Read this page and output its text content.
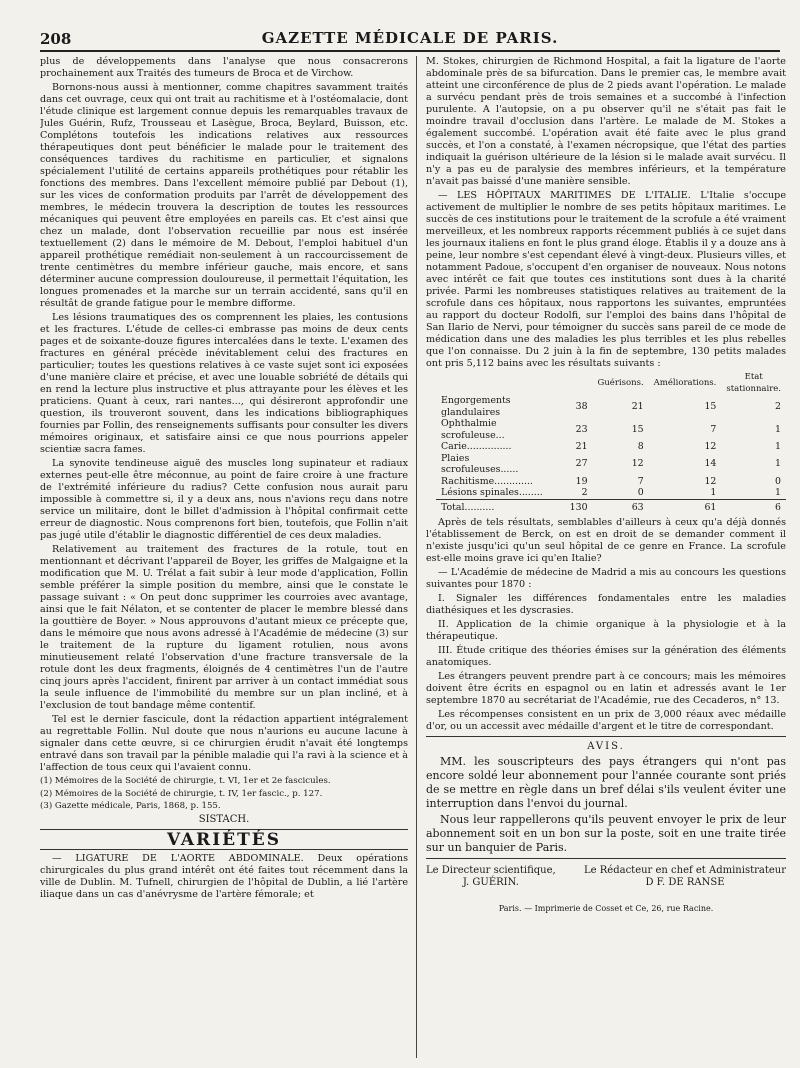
208	GAZETTE MÉDICALE DE PARIS.

plus de développements dans l'analyse que nous consacrerons prochainement aux Traités des tumeurs de Broca et de Virchow.

Bornons-nous aussi à mentionner, comme chapitres savamment traités dans cet ouvrage, ceux qui ont trait au rachitisme et à l'ostéomalacie, dont l'étude clinique est largement connue depuis les remarquables travaux de Jules Guérin, Rufz, Trousseau et Lasègue, Broca, Beylard, Buisson, etc. Complétons toutefois les indications relatives aux ressources thérapeutiques dont peut bénéficier le malade pour le traitement des conséquences tardives du rachitisme en particulier, et signalons spécialement l'utilité de certains appareils prothétiques pour rétablir les fonctions des membres. Dans l'excellent mémoire publié par Debout (1), sur les vices de conformation produits par l'arrêt de développement des membres, le médecin trouvera la description de toutes les ressources mécaniques qui peuvent être employées en pareils cas. Et c'est ainsi que chez un malade, dont l'observation recueillie par nous est insérée textuellement (2) dans le mémoire de M. Debout, l'emploi habituel d'un appareil prothétique remédiait non-seulement à un raccourcissement de trente centimètres du membre inférieur gauche, mais encore, et sans déterminer aucune compression douloureuse, il permettait l'équitation, les longues promenades et la marche sur un terrain accidenté, sans qu'il en résultât de grande fatigue pour le membre difforme.

Les lésions traumatiques des os comprennent les plaies, les contusions et les fractures. L'étude de celles-ci embrasse pas moins de deux cents pages et de soixante-douze figures intercalées dans le texte. L'examen des fractures en général précède inévitablement celui des fractures en particulier; toutes les questions relatives à ce vaste sujet sont ici exposées d'une manière claire et précise, et avec une louable sobriété de détails qui en rend la lecture plus instructive et plus attrayante pour les élèves et les praticiens. Quant à ceux, rari nantes..., qui désireront approfondir une question, ils trouveront souvent, dans les indications bibliographiques fournies par Follin, des renseignements suffisants pour consulter les divers mémoires originaux, et satisfaire ainsi ce que nous pourrions appeler scientiæ sacra fames.

La synovite tendineuse aiguë des muscles long supinateur et radiaux externes peut-elle être méconnue, au point de faire croire à une fracture de l'extrémité inférieure du radius? Cette confusion nous aurait paru impossible à commettre si, il y a deux ans, nous n'avions reçu dans notre service un militaire, dont le billet d'admission à l'hôpital confirmait cette erreur de diagnostic. Nous comprenons fort bien, toutefois, que Follin n'ait pas jugé utile d'établir le diagnostic différentiel de ces deux maladies.

Relativement au traitement des fractures de la rotule, tout en mentionnant et décrivant l'appareil de Boyer, les griffes de Malgaigne et la modification que M. U. Trélat a fait subir à leur mode d'application, Follin semble préférer la simple position du membre, ainsi que le constate le passage suivant : « On peut donc supprimer les courroies avec avantage, ainsi que le fait Nélaton, et se contenter de placer le membre blessé dans la gouttière de Boyer. » Nous approuvons d'autant mieux ce précepte que, dans le mémoire que nous avons adressé à l'Académie de médecine (3) sur le traitement de la rupture du ligament rotulien, nous avons minutieusement relaté l'observation d'une fracture transversale de la rotule dont les deux fragments, éloignés de 4 centimètres l'un de l'autre cinq jours après l'accident, finirent par arriver à un contact immédiat sous la seule influence de l'immobilité du membre sur un plan incliné, et à l'exclusion de tout bandage même contentif.

Tel est le dernier fascicule, dont la rédaction appartient intégralement au regrettable Follin. Nul doute que nous n'aurions eu aucune lacune à signaler dans cette œuvre, si ce chirurgien érudit n'avait été longtemps entravé dans son travail par la pénible maladie qui l'a ravi à la science et à l'affection de tous ceux qui l'avaient connu.

(1) Mémoires de la Société de chirurgie, t. VI, 1er et 2e fascicules.

(2) Mémoires de la Société de chirurgie, t. IV, 1er fascic., p. 127.

(3) Gazette médicale, Paris, 1868, p. 155.

SISTACH.
VARIÉTÉS

— LIGATURE DE L'AORTE ABDOMINALE. Deux opérations chirurgicales du plus grand intérêt ont été faites tout récemment dans la ville de Dublin. M. Tufnell, chirurgien de l'hôpital de Dublin, a lié l'artère iliaque dans un cas d'anévrysme de l'artère fémorale; et

M. Stokes, chirurgien de Richmond Hospital, a fait la ligature de l'aorte abdominale près de sa bifurcation. Dans le premier cas, le membre avait atteint une circonférence de plus de 2 pieds avant l'opération. Le malade a survécu pendant près de trois semaines et a succombé à l'infection purulente. A l'autopsie, on a pu observer qu'il ne s'était pas fait le moindre travail d'occlusion dans l'artère. Le malade de M. Stokes a également succombé. L'opération avait été faite avec le plus grand succès, et l'on a constaté, à l'examen nécropsique, que l'état des parties indiquait la guérison ultérieure de la lésion si le malade avait survécu. Il n'y a pas eu de paralysie des membres inférieurs, et la température n'avait pas baissé d'une manière sensible.

— LES HÔPITAUX MARITIMES DE L'ITALIE. L'Italie s'occupe activement de multiplier le nombre de ses petits hôpitaux maritimes. Le succès de ces institutions pour le traitement de la scrofule a été vraiment merveilleux, et les nombreux rapports récemment publiés à ce sujet dans les journaux italiens en font le plus grand éloge. Établis il y a douze ans à peine, leur nombre s'est cependant élevé à vingt-deux. Plusieurs villes, et notamment Padoue, s'occupent d'en organiser de nouveaux. Nous notons avec intérêt ce fait que toutes ces institutions sont dues à la charité privée. Parmi les nombreuses statistiques relatives au traitement de la scrofule dans ces hôpitaux, nous rapportons les suivantes, empruntées au rapport du docteur Rodolfi, sur l'emploi des bains dans l'hôpital de San Ilario de Nervi, pour témoigner du succès sans pareil de ce mode de médication dans une des maladies les plus terribles et les plus rebelles que l'on connaisse. Du 2 juin à la fin de septembre, 130 petits malades ont pris 5,112 bains avec les résultats suivants :

		Guérisons.	Améliorations.	Etat stationnaire.
Engorgements glandulaires	38	21	15	2
Ophthalmie scrofuleuse...	23	15	7	1
Carie...............	21	8	12	1
Plaies scrofuleuses......	27	12	14	1
Rachitisme.............	19	7	12	0
Lésions spinales........	2	0	1	1
Total..........	130	63	61	6

Après de tels résultats, semblables d'ailleurs à ceux qu'a déjà donnés l'établissement de Berck, on est en droit de se demander comment il n'existe jusqu'ici qu'un seul hôpital de ce genre en France. La scrofule est-elle moins grave ici qu'en Italie?

— L'Académie de médecine de Madrid a mis au concours les questions suivantes pour 1870 :

I. Signaler les différences fondamentales entre les maladies diathésiques et les dyscrasies.

II. Application de la chimie organique à la physiologie et à la thérapeutique.

III. Étude critique des théories émises sur la génération des éléments anatomiques.

Les étrangers peuvent prendre part à ce concours; mais les mémoires doivent être écrits en espagnol ou en latin et adressés avant le 1er septembre 1870 au secrétariat de l'Académie, rue des Cecaderos, n° 13.

Les récompenses consistent en un prix de 3,000 réaux avec médaille d'or, ou un accessit avec médaille d'argent et le titre de correspondant.

AVIS.

MM. les souscripteurs des pays étrangers qui n'ont pas encore soldé leur abonnement pour l'année courante sont priés de se mettre en règle dans un bref délai s'ils veulent éviter une interruption dans l'envoi du journal.

Nous leur rappellerons qu'ils peuvent envoyer le prix de leur abonnement soit en un bon sur la poste, soit en une traite tirée sur un banquier de Paris.

Le Directeur scientifique,
J. GUÉRIN.
Le Rédacteur en chef et Administrateur
D F. DE RANSE
Paris. — Imprimerie de Cosset et Ce, 26, rue Racine.
